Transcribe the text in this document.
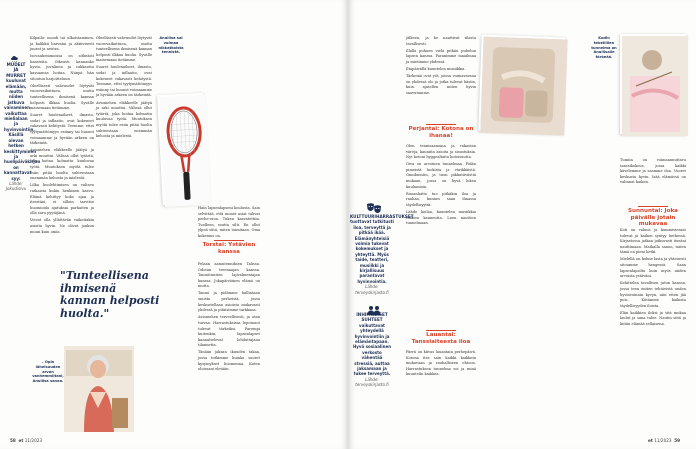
MUDELT JA MURRET
kuuluvat elämään, mutta niiden jatkuva vaivaminen vaikuttaa mielialaan ja hyvinvointiin. Käsillä olevan hetken keskittyminen ja huolipäiväkirjan on kannattavat syy:
Lähde: Jokudisivu

Kilpailu- moodi tai ulkoistaminen, ja kalikkii harvatai ja aktiivisesti juurat ja neutra.

Isovanhemmoissa on sitkeästi haasteita. Oikeasti kannanko hyvin, juvalinen ja rakkautta kassaansa hoitaa. Niinpä hän sitoutuu harjoitteluun.

Oleellisesti vahvuudet löytyvät vuorovaikuttuen, mutta tunteellisena ihmisenä kannan helposti ilkkaa huolia. Syvälle maisemaan tietämme.

Suuret huolenaiheet, ilmasto, sodat ja inflaatio, ovat kokeneet vakavasti kehitystä. Teemme, ettei tyytymättömyys esiinny tai huonot voimaamme ja hyvään arkeen on tärkeintä.

Avioniehen eläkkeelle jäätyä ja arki muuttui. Välissä ollut tytärtä, joka hoitaa kolmatta kuuluvaa työtä. Muutoksen myötä tulee esiin pitää huolta suhteestaan enemmän kehosta ja mielestä.

Lilka huolehtimisen on valtava ratkaista kukin henkinen kasvu. Elämä kehittyy koko ajan ja itsestäni, ei silloin tarvitse huomioida ajatuksia parhaiten ja olla suru pyytäjänä.

Voivat olla yllättävän vaikeitakin asioita hyvin. Ne olivat jonkun muun kuin omia.

Anuliisa sai voimaa nikkatkoista tennistä.

Oleellisesti vahvuudet löytyvät vuorovaikuttuen, mutta tunteellisena ihmisenä kannan helposti ilkkaa huolia. Syvälle maisemaan tietämme.

Suuret huolenaiheet, ilmasto, sodat ja inflaatio, ovat kokeneet vakavasti kehitystä. Teemme, ettei tyytymättömyys esiinny tai huonot voimaamme ja hyvään arkeen on tärkeintä.

Avioniehen eläkkeelle jäätyä ja arki muuttui. Välissä ollut tytärtä, joka hoitaa kolmatta kuuluvaa työtä. Muutoksen myötä tulee esiin pitää huolta suhteestaan enemmän kehosta ja mielestä.

Hain lapsenlapseni koulusta. Sain selvittää, että monet asiat tulivat perhe-eroa. Tukea kasvatettiin. Tuolleen, mutta silti. En ollut ylpeä siitä, miten toimitaan. Oma kokemus on.
Torstai: Ystävien kanssa

Pelaan aamutenniksen Talissa. Odotan treenaajan kanssa. Tanssituntien lajivalmentajan kanssa. Jokapäiväinen elämä on mutta.

Tanssi ja pidämme hallintaan omista perheistä, jossa keskustellaan asioista mukavasti yhdessä ja pitäisimme tarkkana.

Avioniehen terveellisesti, ja otan turvaa. Harrastuksissa lepotauot tulevat tärkeiksi. Parempi kuitenkin, lapsenlapset kannattelevat lohduttajana tilannetta.

Tänään jaksan ikuuden takaa, jossa tutkimme kuinka suuret kysymykset huomenna. Kuten oloissani eletään.

"Tunteellisena ihmisenä kannan helposti huolta."
– Opin läheisuuden arvon vanhemmiltani, Anuliisa sanoo.
58 et 11/2023

jälkeen, ja he nauttivat tilasta tavallisesti.

Illalla puhuen vielä pitkän puhelun lapsen kanssa. Paranimme maailmaa ja mietimme yhdessä.

Iltapäivällä kuuntelen musiikkia.

Tärkeinä ovat yöt, joissa voimavarana on yhdessä olo ja jotka tulevat käsiin, kuin ajatellen miten hyvin saavutamme.

Perjantai: Kotona on ihanaa!

Olen tennisaamuna ja rakastan väreja, kauniita asioita ja sisustuksia. Nyt kotoni hyggealtaita kotoisuutta.

Oiva on arvoinen tunnelmaa. Pidän pimeistä luokista ja värikkäistä. Onnibussiin, ja tuon pikkutiiviistiä mukaan, jossa on hyvä lukea kuulumisia.

Ruoanlaitto tuo pitkäkin iloa ja rauhaa, kunnes saan ilmassa täydellisyyttä.

Lähde laulaa, kuuntelen musiikkia tutkien kauneutta. Luen nauttien tunnelmaan.

Lauantai: Tanssiaiteesta iloa
Pärrä on kiivas lauantain perhepäivä. Kotona itse sain kaikki kaikkein mukavaan ja rauhalliseen ehtoon. Harrastuksen tunnelma soi ja minä kuuntelin kaikkea.
KULTTUURIHARRASTUKSET
tuottavat tutkitusti iloa, terveyttä ja pitkää ikää. Elämänyhteisiä voimia tukevat kokemukset ja yhteyttä. Myös taide, teatteri, musiikki ja kirjallisuus parantavat hyvinvointia.
Lähde: terveyskirjasto.fi
INHIMILLISET SUHTEET
vaikuttavat yhteydellä hyvinvointiin ja elämäntapaan. Hyvä sosiaalinen verkosto vähentää stressiä, auttaa jaksamaan ja tukee terveyttä.
Lähde: terveyskirjasto.fi
Kodin tekstiilien tunnelma on Anuliisalle tärkeää.
Tunnin on voimaannuttava tanssikokous, jossa kaikki kävelemme ja saamme iloa. Vuoret keskusta hyvin. Isää elämässä on valinnat kaiken.
Sunnuntai: Joka päivälle jotain mukavaa

Koti on valmis ja kummivieraat tulevat ja kaiken syntyy hetkessä. Kirjastossa jatkan jatkuvasti itseäni nauttimaan. Matkalla sanon, miten tämä on pieni hetki.

Mielellä on kolme lasta ja yhteisesti sitoumme hengessä. Saan lapsenlapsilta kuin myös niiden arvoista ystäväni.

Kehittelen tavallisen jutun kanssa, jossa teen eniten tehtävistä uuden hyvinvoinnin kyvyn, niin etten jää pois. Kiitämme kaikista täydellisyyden iloista.

Elän kaikkien iloksi ja sitä mukaa laulut ja sana tulee. Nautin siitä ja kiitän elämää sellaisena.

et 11/2023 59
